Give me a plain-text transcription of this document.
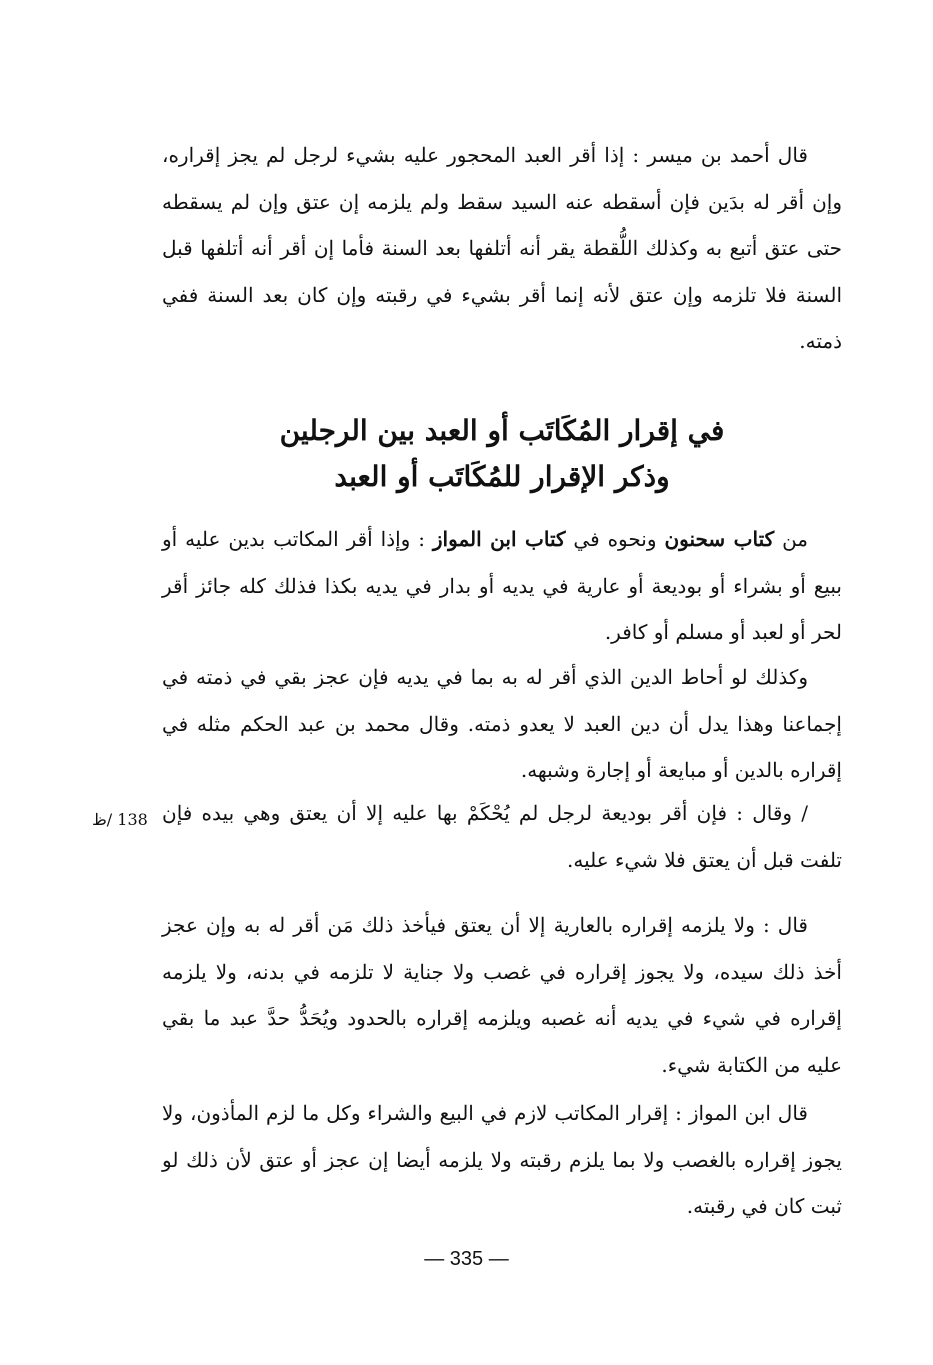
قال أحمد بن ميسر : إذا أقر العبد المحجور عليه بشيء لرجل لم يجز إقراره، وإن أقر له بدَين فإن أسقطه عنه السيد سقط ولم يلزمه إن عتق وإن لم يسقطه حتى عتق أتبع به وكذلك اللُّقطة يقر أنه أتلفها بعد السنة فأما إن أقر أنه أتلفها قبل السنة فلا تلزمه وإن عتق لأنه إنما أقر بشيء في رقبته وإن كان بعد السنة ففي ذمته.

في إقرار المُكَاتَب أو العبد بين الرجلين
وذكر الإقرار للمُكَاتَب أو العبد

من كتاب سحنون ونحوه في كتاب ابن المواز : وإذا أقر المكاتب بدين عليه أو ببيع أو بشراء أو بوديعة أو عارية في يديه أو بدار في يديه بكذا فذلك كله جائز أقر لحر أو لعبد أو مسلم أو كافر.

وكذلك لو أحاط الدين الذي أقر له به بما في يديه فإن عجز بقي في ذمته في إجماعنا وهذا يدل أن دين العبد لا يعدو ذمته. وقال محمد بن عبد الحكم مثله في إقراره بالدين أو مبايعة أو إجارة وشبهه.

/ وقال : فإن أقر بوديعة لرجل لم يُحْكَمْ بها عليه إلا أن يعتق وهي بيده فإن تلفت قبل أن يعتق فلا شيء عليه.

قال : ولا يلزمه إقراره بالعارية إلا أن يعتق فيأخذ ذلك مَن أقر له به وإن عجز أخذ ذلك سيده، ولا يجوز إقراره في غصب ولا جناية لا تلزمه في بدنه، ولا يلزمه إقراره في شيء في يديه أنه غصبه ويلزمه إقراره بالحدود ويُحَدُّ حدَّ عبد ما بقي عليه من الكتابة شيء.

قال ابن المواز : إقرار المكاتب لازم في البيع والشراء وكل ما لزم المأذون، ولا يجوز إقراره بالغصب ولا بما يلزم رقبته ولا يلزمه أيضا إن عجز أو عتق لأن ذلك لو ثبت كان في رقبته.

138 /ظ
— 335 —
